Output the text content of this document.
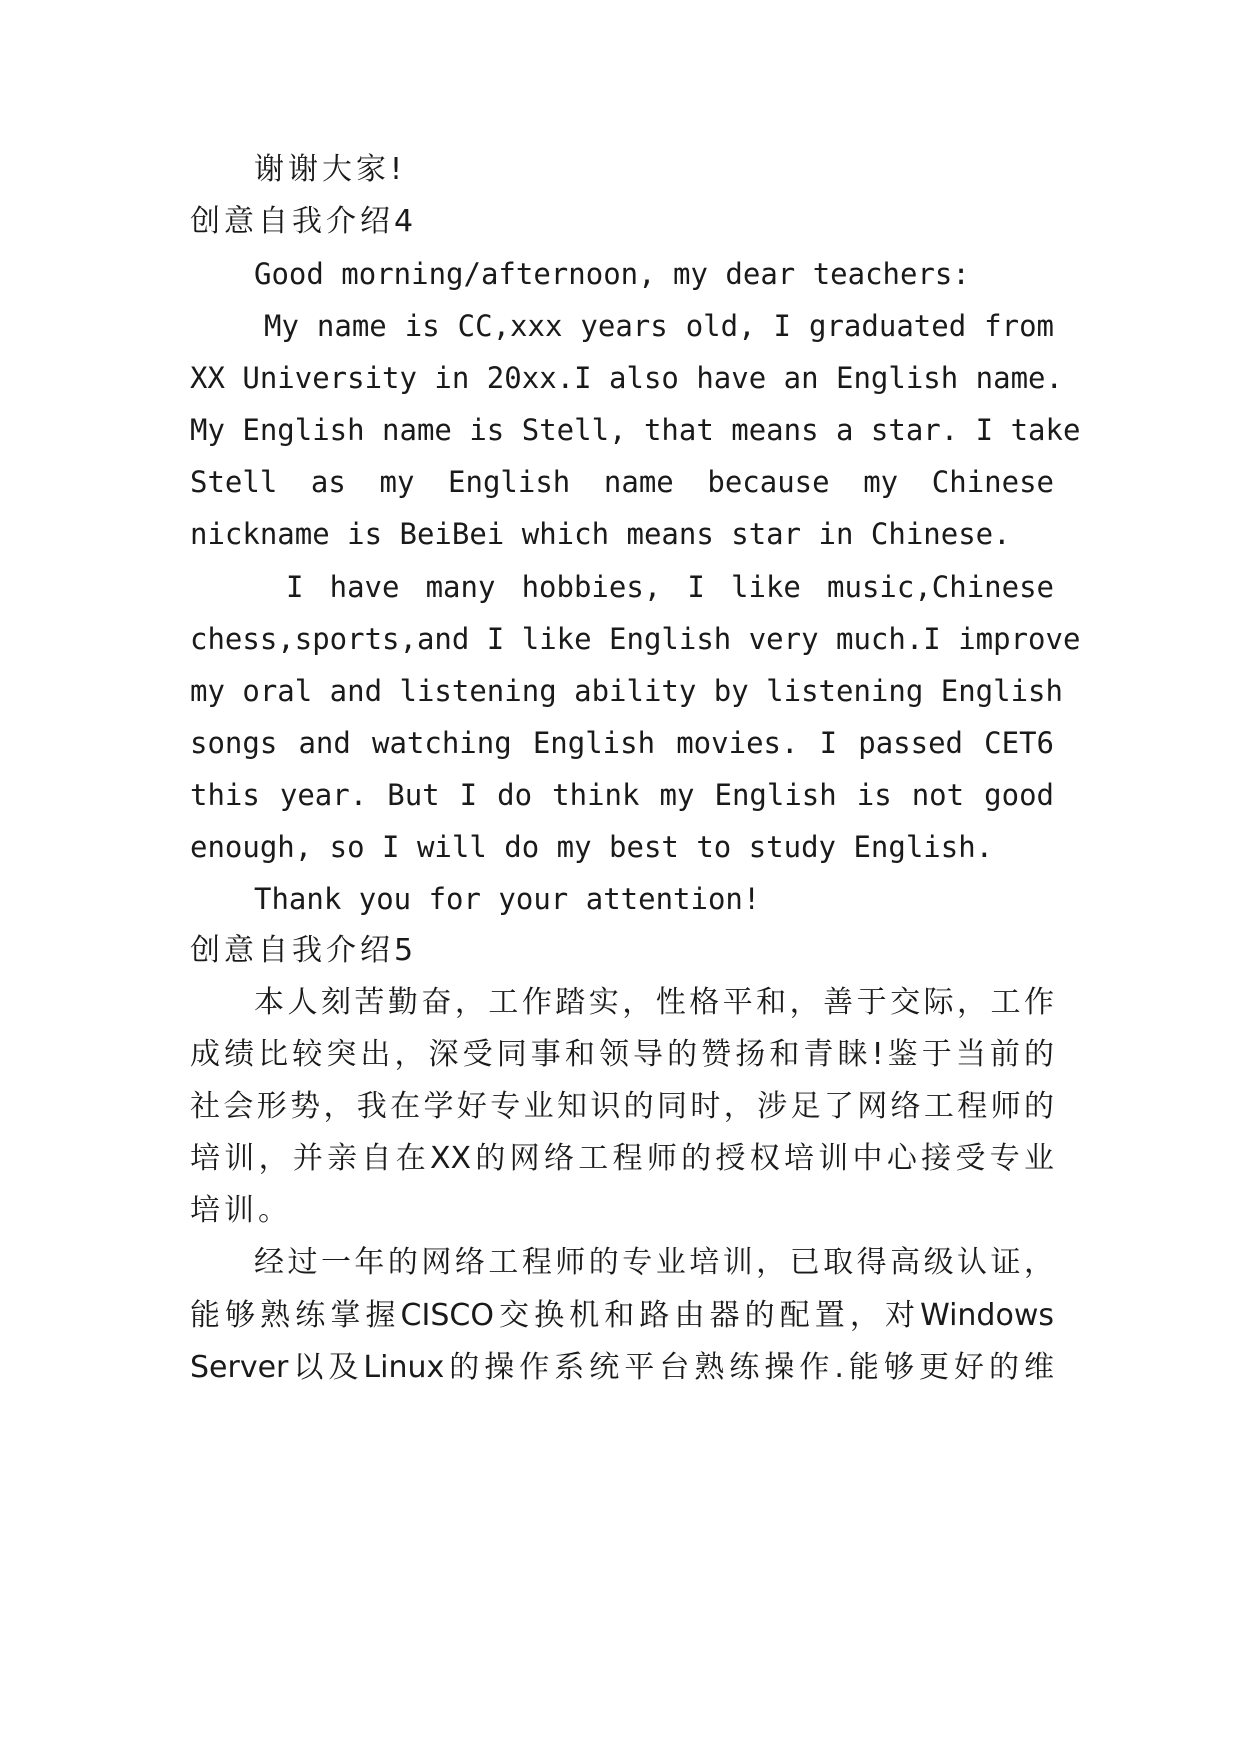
谢谢大家!
创意自我介绍4
Good morning/afternoon, my dear teachers:
My name is CC,xxx years old, I graduated from
XX University in 20xx.I also have an English name.
My English name is Stell, that means a star. I take
Stell as my English name because my Chinese
nickname is BeiBei which means star in Chinese.
I have many hobbies, I like music,Chinese
chess,sports,and I like English very much.I improve
my oral and listening ability by listening English
songs and watching English movies. I passed CET6
this year. But I do think my English is not good
enough, so I will do my best to study English.
Thank you for your attention!
创意自我介绍5
本人刻苦勤奋，工作踏实，性格平和，善于交际，工作
成绩比较突出，深受同事和领导的赞扬和青睐!鉴于当前的
社会形势，我在学好专业知识的同时，涉足了网络工程师的
培训，并亲自在XX的网络工程师的授权培训中心接受专业
培训。
经过一年的网络工程师的专业培训，已取得高级认证，
能够熟练掌握CISCO交换机和路由器的配置，对Windows
Server以及Linux的操作系统平台熟练操作.能够更好的维
